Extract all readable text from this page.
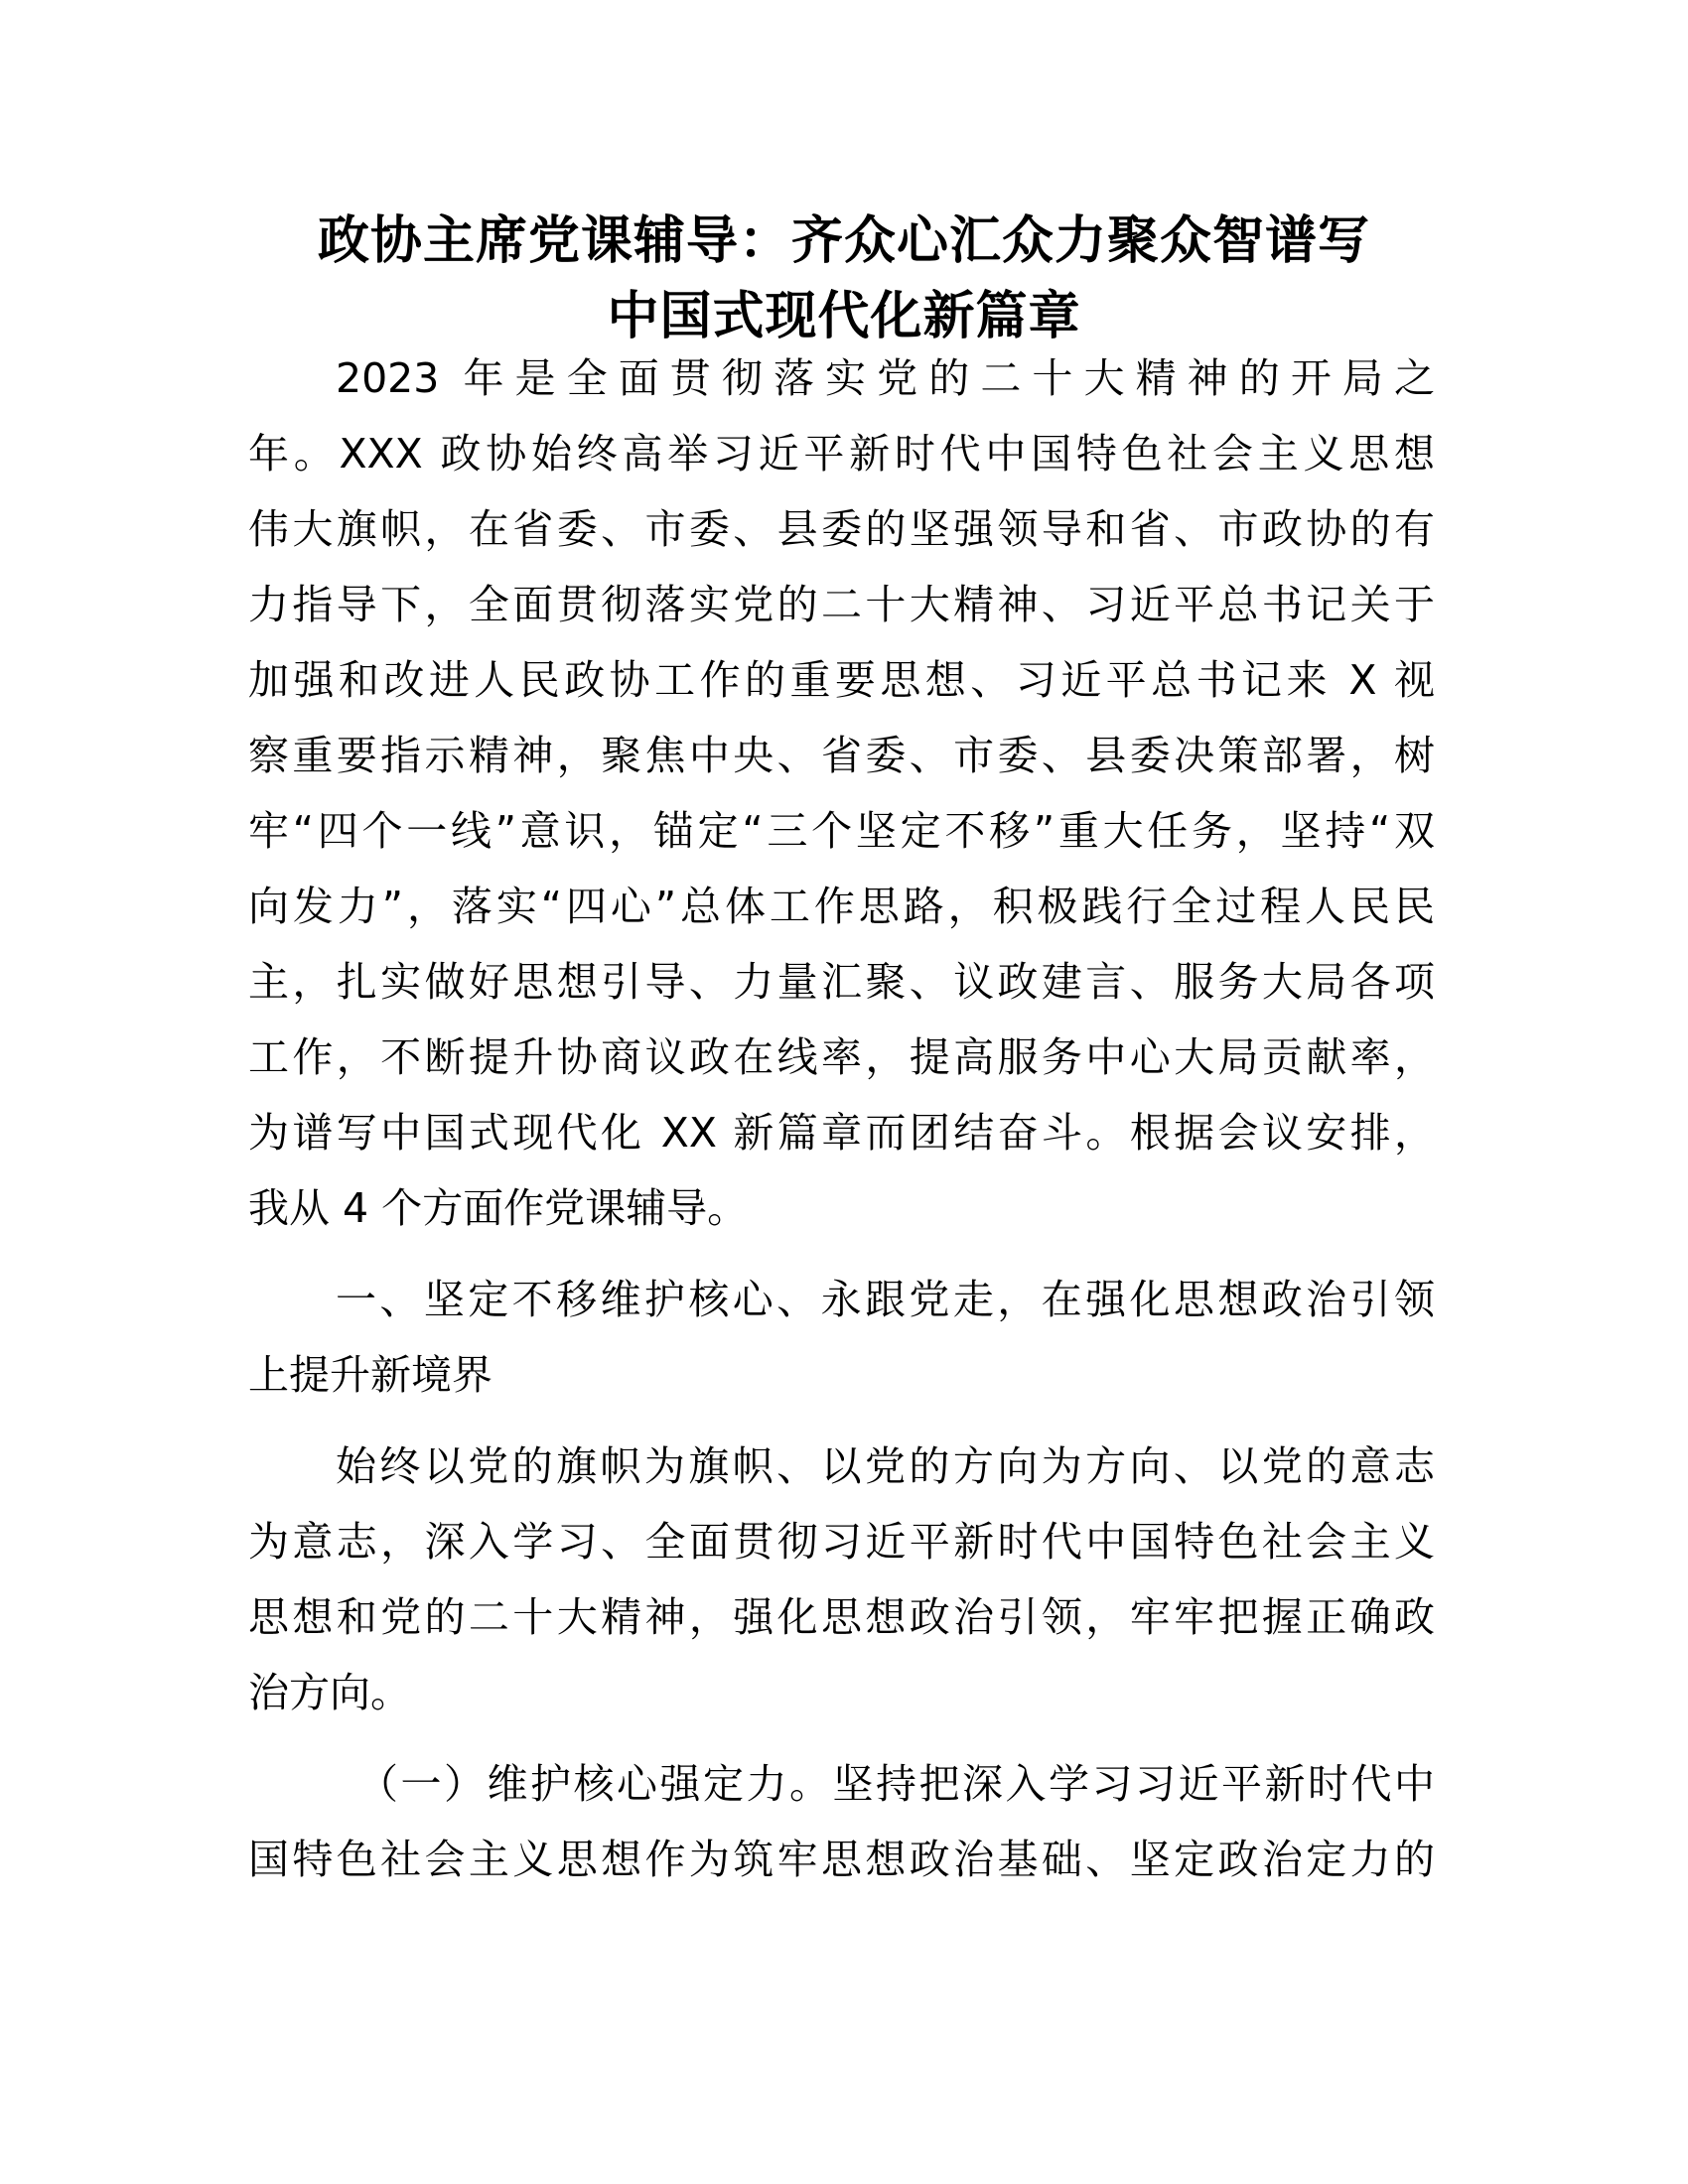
政协主席党课辅导：齐众心汇众力聚众智谱写
中国式现代化新篇章

2023 年是全面贯彻落实党的二十大精神的开局之

年。XXX 政协始终高举习近平新时代中国特色社会主义思想

伟大旗帜，在省委、市委、县委的坚强领导和省、市政协的有

力指导下，全面贯彻落实党的二十大精神、习近平总书记关于

加强和改进人民政协工作的重要思想、习近平总书记来 X 视

察重要指示精神，聚焦中央、省委、市委、县委决策部署，树

牢“四个一线”意识，锚定“三个坚定不移”重大任务，坚持“双

向发力”，落实“四心”总体工作思路，积极践行全过程人民民

主，扎实做好思想引导、力量汇聚、议政建言、服务大局各项

工作，不断提升协商议政在线率，提高服务中心大局贡献率，

为谱写中国式现代化 XX 新篇章而团结奋斗。根据会议安排，

我从 4 个方面作党课辅导。

一、坚定不移维护核心、永跟党走，在强化思想政治引领

上提升新境界

始终以党的旗帜为旗帜、以党的方向为方向、以党的意志

为意志，深入学习、全面贯彻习近平新时代中国特色社会主义

思想和党的二十大精神，强化思想政治引领，牢牢把握正确政

治方向。

（一）维护核心强定力。坚持把深入学习习近平新时代中

国特色社会主义思想作为筑牢思想政治基础、坚定政治定力的
